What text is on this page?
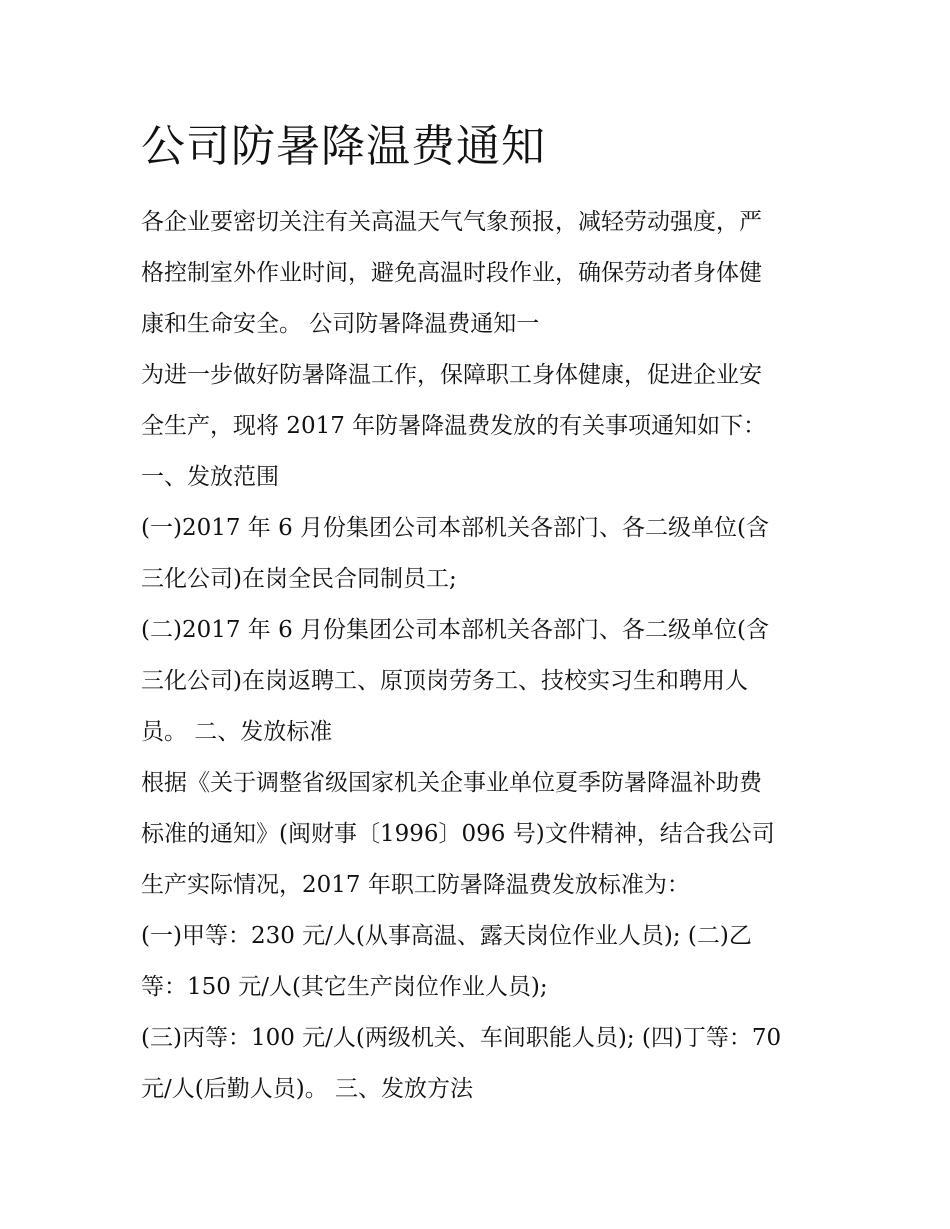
公司防暑降温费通知

各企业要密切关注有关高温天气气象预报，减轻劳动强度，严

格控制室外作业时间，避免高温时段作业，确保劳动者身体健

康和生命安全。 公司防暑降温费通知一

为进一步做好防暑降温工作，保障职工身体健康，促进企业安

全生产，现将 2017 年防暑降温费发放的有关事项通知如下：

一、发放范围

(一)2017 年 6 月份集团公司本部机关各部门、各二级单位(含

三化公司)在岗全民合同制员工;

(二)2017 年 6 月份集团公司本部机关各部门、各二级单位(含

三化公司)在岗返聘工、原顶岗劳务工、技校实习生和聘用人

员。 二、发放标准

根据《关于调整省级国家机关企事业单位夏季防暑降温补助费

标准的通知》(闽财事〔1996〕096 号)文件精神，结合我公司

生产实际情况，2017 年职工防暑降温费发放标准为：

(一)甲等：230 元/人(从事高温、露天岗位作业人员); (二)乙

等：150 元/人(其它生产岗位作业人员);

(三)丙等：100 元/人(两级机关、车间职能人员); (四)丁等：70

元/人(后勤人员)。 三、发放方法
